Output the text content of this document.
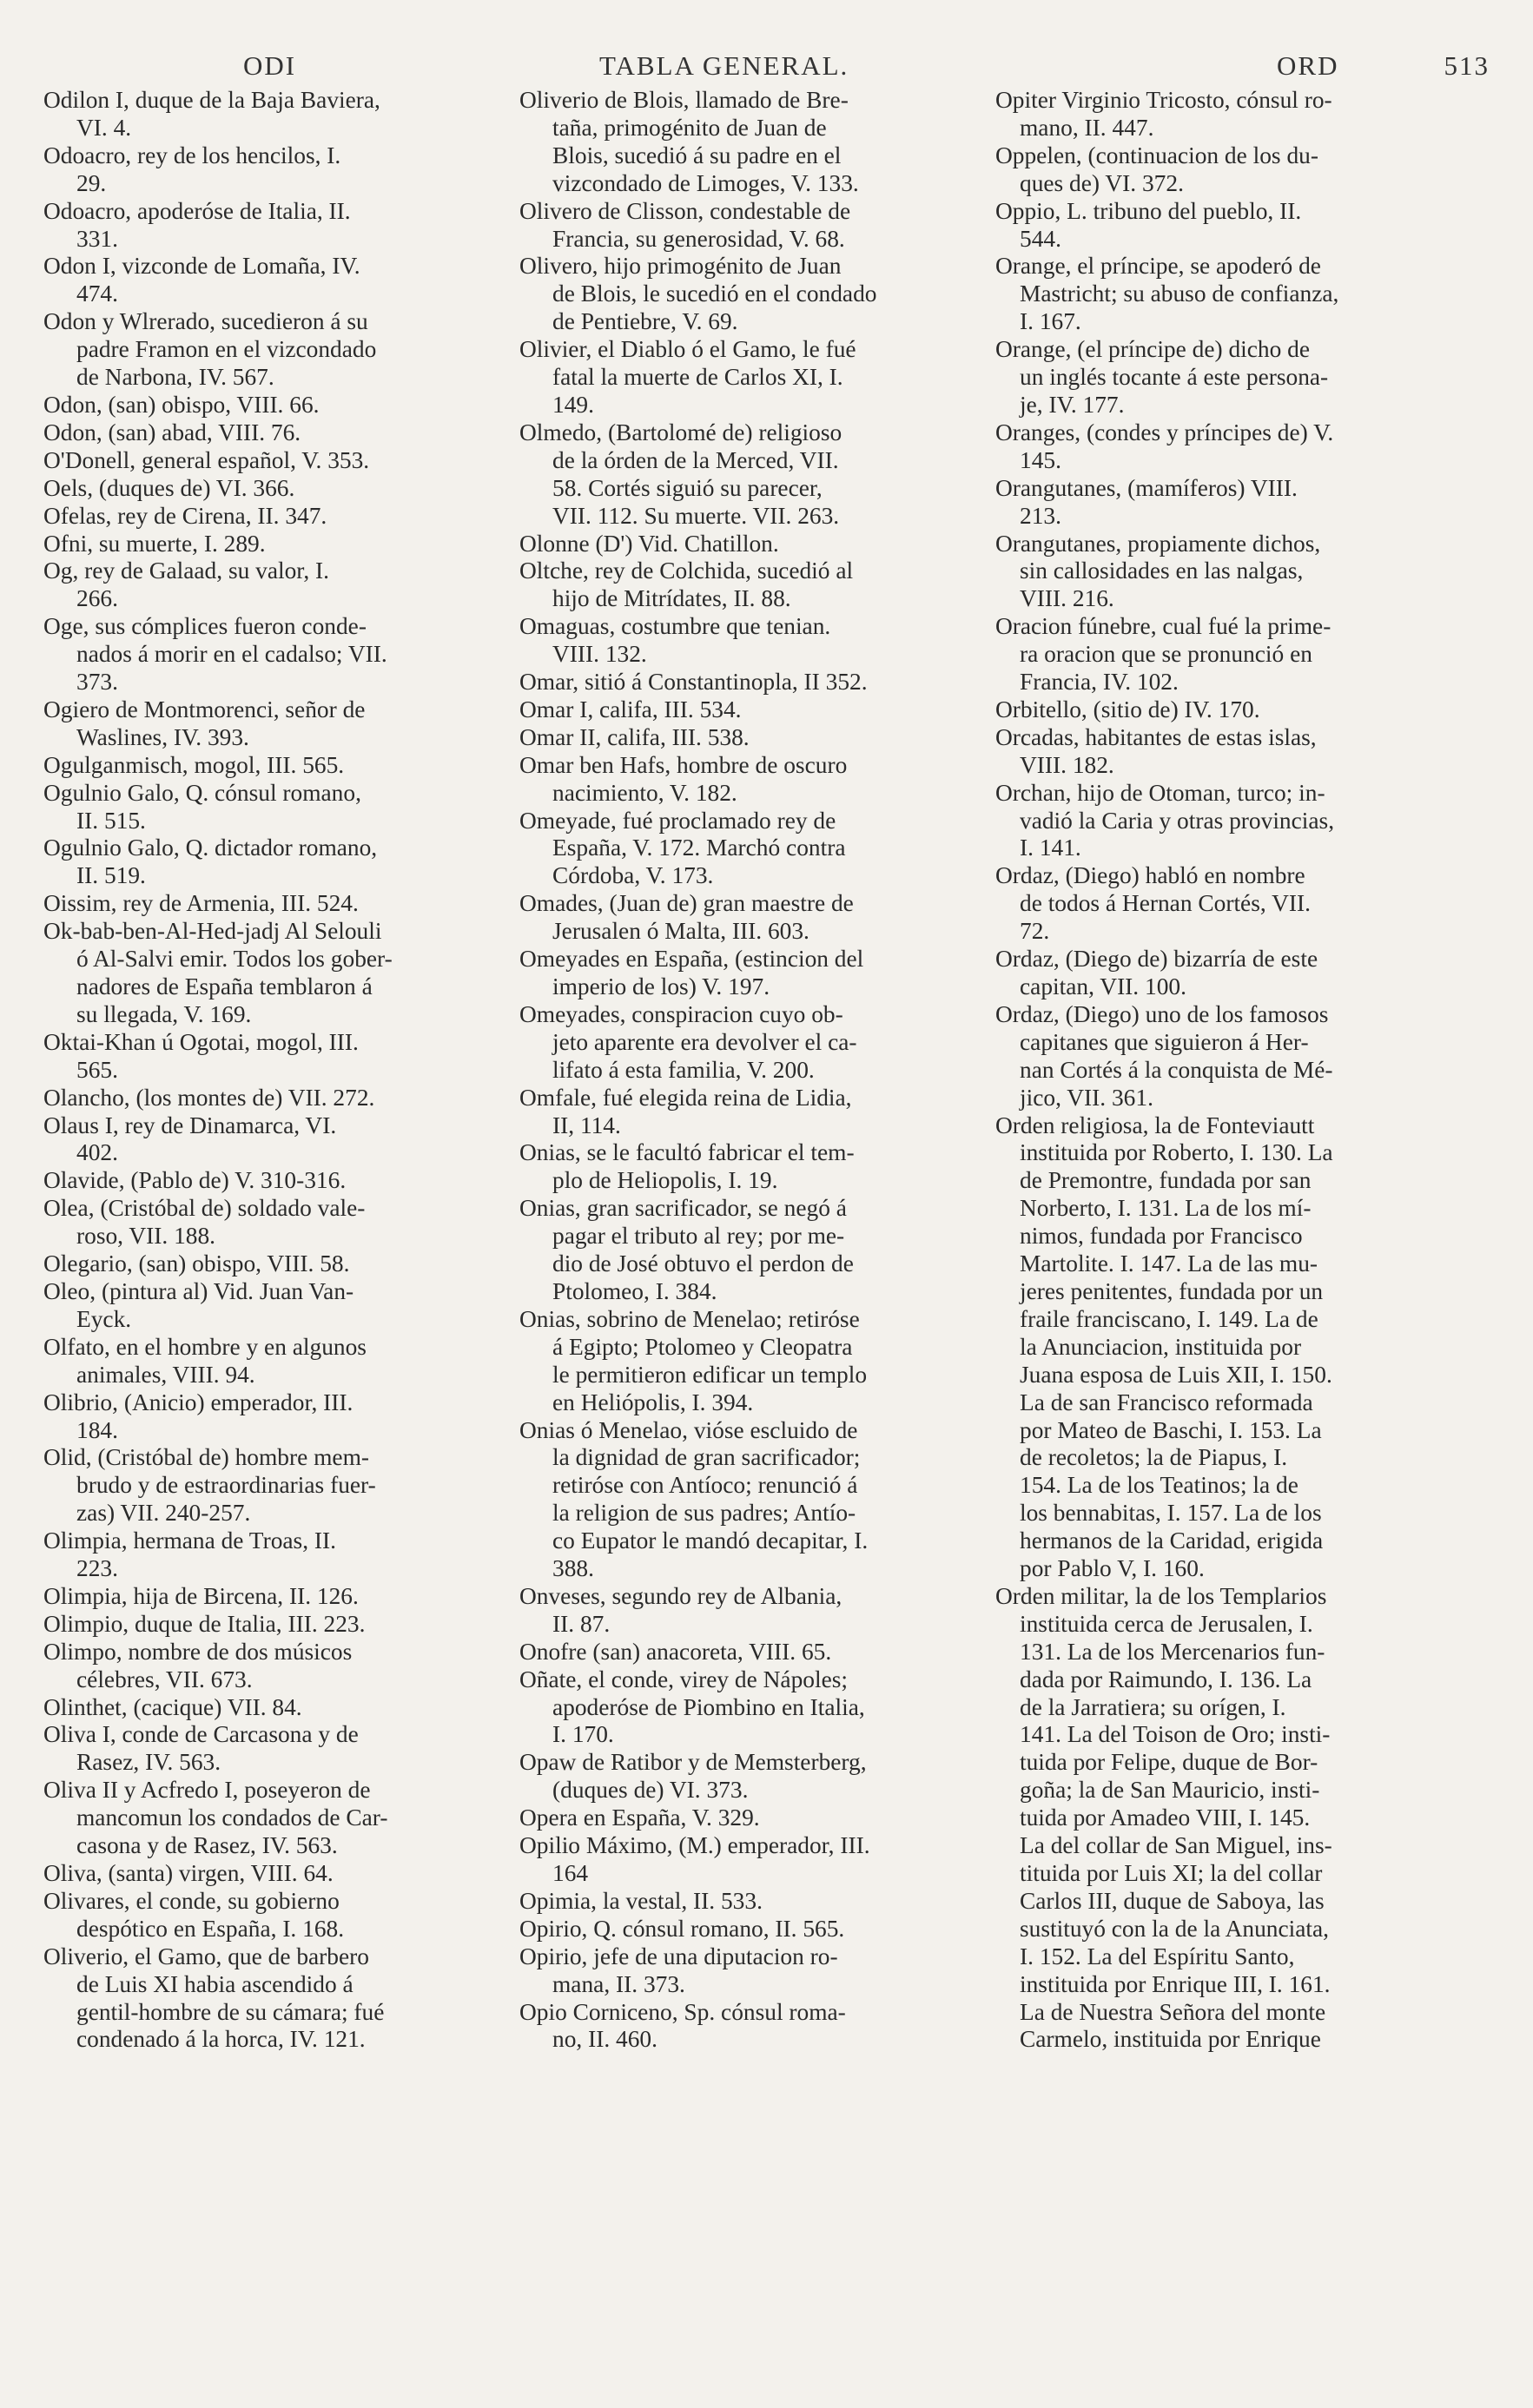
ODI	TABLA GENERAL.	ORD	513

Odilon I, duque de la Baja Baviera,
VI. 4.

Odoacro, rey de los hencilos, I.
29.

Odoacro, apoderóse de Italia, II.
331.

Odon I, vizconde de Lomaña, IV.
474.

Odon y Wlrerado, sucedieron á su
padre Framon en el vizcondado
de Narbona, IV. 567.

Odon, (san) obispo, VIII. 66.

Odon, (san) abad, VIII. 76.

O'Donell, general español, V. 353.

Oels, (duques de) VI. 366.

Ofelas, rey de Cirena, II. 347.

Ofni, su muerte, I. 289.

Og, rey de Galaad, su valor, I.
266.

Oge, sus cómplices fueron conde-
nados á morir en el cadalso; VII.
373.

Ogiero de Montmorenci, señor de
Waslines, IV. 393.

Ogulganmisch, mogol, III. 565.

Ogulnio Galo, Q. cónsul romano,
II. 515.

Ogulnio Galo, Q. dictador romano,
II. 519.

Oissim, rey de Armenia, III. 524.

Ok-bab-ben-Al-Hed-jadj Al Selouli
ó Al-Salvi emir. Todos los gober-
nadores de España temblaron á
su llegada, V. 169.

Oktai-Khan ú Ogotai, mogol, III.
565.

Olancho, (los montes de) VII. 272.

Olaus I, rey de Dinamarca, VI.
402.

Olavide, (Pablo de) V. 310-316.

Olea, (Cristóbal de) soldado vale-
roso, VII. 188.

Olegario, (san) obispo, VIII. 58.

Oleo, (pintura al) Vid. Juan Van-
Eyck.

Olfato, en el hombre y en algunos
animales, VIII. 94.

Olibrio, (Anicio) emperador, III.
184.

Olid, (Cristóbal de) hombre mem-
brudo y de estraordinarias fuer-
zas) VII. 240-257.

Olimpia, hermana de Troas, II.
223.

Olimpia, hija de Bircena, II. 126.

Olimpio, duque de Italia, III. 223.

Olimpo, nombre de dos músicos
célebres, VII. 673.

Olinthet, (cacique) VII. 84.

Oliva I, conde de Carcasona y de
Rasez, IV. 563.

Oliva II y Acfredo I, poseyeron de
mancomun los condados de Car-
casona y de Rasez, IV. 563.

Oliva, (santa) virgen, VIII. 64.

Olivares, el conde, su gobierno
despótico en España, I. 168.

Oliverio, el Gamo, que de barbero
de Luis XI habia ascendido á
gentil-hombre de su cámara; fué
condenado á la horca, IV. 121.

Oliverio de Blois, llamado de Bre-
taña, primogénito de Juan de
Blois, sucedió á su padre en el
vizcondado de Limoges, V. 133.

Olivero de Clisson, condestable de
Francia, su generosidad, V. 68.

Olivero, hijo primogénito de Juan
de Blois, le sucedió en el condado
de Pentiebre, V. 69.

Olivier, el Diablo ó el Gamo, le fué
fatal la muerte de Carlos XI, I.
149.

Olmedo, (Bartolomé de) religioso
de la órden de la Merced, VII.
58. Cortés siguió su parecer,
VII. 112. Su muerte. VII. 263.

Olonne (D') Vid. Chatillon.

Oltche, rey de Colchida, sucedió al
hijo de Mitrídates, II. 88.

Omaguas, costumbre que tenian.
VIII. 132.

Omar, sitió á Constantinopla, II 352.

Omar I, califa, III. 534.

Omar II, califa, III. 538.

Omar ben Hafs, hombre de oscuro
nacimiento, V. 182.

Omeyade, fué proclamado rey de
España, V. 172. Marchó contra
Córdoba, V. 173.

Omades, (Juan de) gran maestre de
Jerusalen ó Malta, III. 603.

Omeyades en España, (estincion del
imperio de los) V. 197.

Omeyades, conspiracion cuyo ob-
jeto aparente era devolver el ca-
lifato á esta familia, V. 200.

Omfale, fué elegida reina de Lidia,
II, 114.

Onias, se le facultó fabricar el tem-
plo de Heliopolis, I. 19.

Onias, gran sacrificador, se negó á
pagar el tributo al rey; por me-
dio de José obtuvo el perdon de
Ptolomeo, I. 384.

Onias, sobrino de Menelao; retiróse
á Egipto; Ptolomeo y Cleopatra
le permitieron edificar un templo
en Heliópolis, I. 394.

Onias ó Menelao, vióse escluido de
la dignidad de gran sacrificador;
retiróse con Antíoco; renunció á
la religion de sus padres; Antío-
co Eupator le mandó decapitar, I.
388.

Onveses, segundo rey de Albania,
II. 87.

Onofre (san) anacoreta, VIII. 65.

Oñate, el conde, virey de Nápoles;
apoderóse de Piombino en Italia,
I. 170.

Opaw de Ratibor y de Memsterberg,
(duques de) VI. 373.

Opera en España, V. 329.

Opilio Máximo, (M.) emperador, III.
164

Opimia, la vestal, II. 533.

Opirio, Q. cónsul romano, II. 565.

Opirio, jefe de una diputacion ro-
mana, II. 373.

Opio Corniceno, Sp. cónsul roma-
no, II. 460.

Opiter Virginio Tricosto, cónsul ro-
mano, II. 447.

Oppelen, (continuacion de los du-
ques de) VI. 372.

Oppio, L. tribuno del pueblo, II.
544.

Orange, el príncipe, se apoderó de
Mastricht; su abuso de confianza,
I. 167.

Orange, (el príncipe de) dicho de
un inglés tocante á este persona-
je, IV. 177.

Oranges, (condes y príncipes de) V.
145.

Orangutanes, (mamíferos) VIII.
213.

Orangutanes, propiamente dichos,
sin callosidades en las nalgas,
VIII. 216.

Oracion fúnebre, cual fué la prime-
ra oracion que se pronunció en
Francia, IV. 102.

Orbitello, (sitio de) IV. 170.

Orcadas, habitantes de estas islas,
VIII. 182.

Orchan, hijo de Otoman, turco; in-
vadió la Caria y otras provincias,
I. 141.

Ordaz, (Diego) habló en nombre
de todos á Hernan Cortés, VII.
72.

Ordaz, (Diego de) bizarría de este
capitan, VII. 100.

Ordaz, (Diego) uno de los famosos
capitanes que siguieron á Her-
nan Cortés á la conquista de Mé-
jico, VII. 361.

Orden religiosa, la de Fonteviautt
instituida por Roberto, I. 130. La
de Premontre, fundada por san
Norberto, I. 131. La de los mí-
nimos, fundada por Francisco
Martolite. I. 147. La de las mu-
jeres penitentes, fundada por un
fraile franciscano, I. 149. La de
la Anunciacion, instituida por
Juana esposa de Luis XII, I. 150.
La de san Francisco reformada
por Mateo de Baschi, I. 153. La
de recoletos; la de Piapus, I.
154. La de los Teatinos; la de
los bennabitas, I. 157. La de los
hermanos de la Caridad, erigida
por Pablo V, I. 160.

Orden militar, la de los Templarios
instituida cerca de Jerusalen, I.
131. La de los Mercenarios fun-
dada por Raimundo, I. 136. La
de la Jarratiera; su orígen, I.
141. La del Toison de Oro; insti-
tuida por Felipe, duque de Bor-
goña; la de San Mauricio, insti-
tuida por Amadeo VIII, I. 145.
La del collar de San Miguel, ins-
tituida por Luis XI; la del collar
Carlos III, duque de Saboya, las
sustituyó con la de la Anunciata,
I. 152. La del Espíritu Santo,
instituida por Enrique III, I. 161.
La de Nuestra Señora del monte
Carmelo, instituida por Enrique
